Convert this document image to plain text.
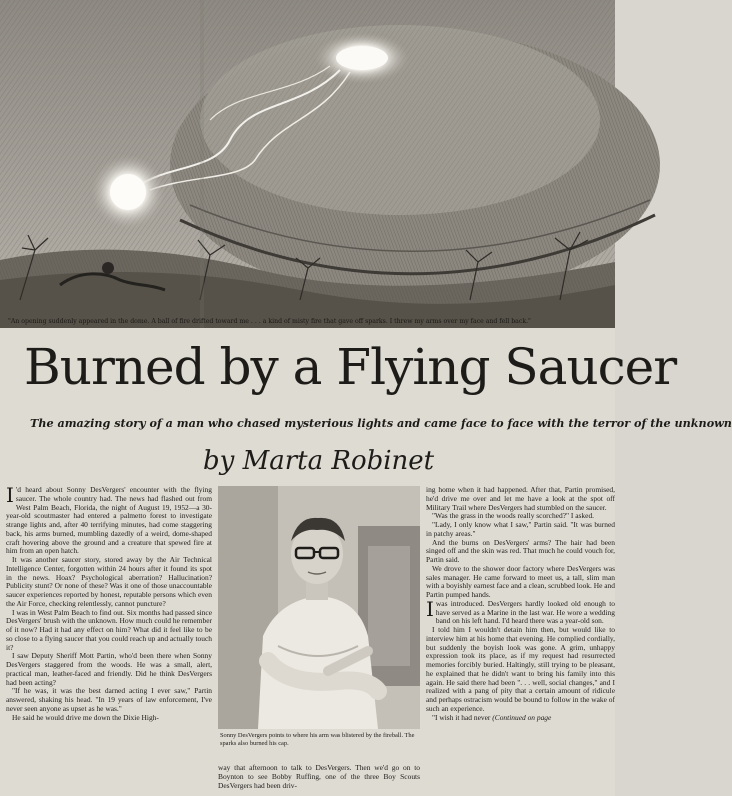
"An opening suddenly appeared in the dome. A ball of fire drifted toward me . . . a kind of misty fire that gave off sparks. I threw my arms over my face and fell back."
Burned by a Flying Saucer
The amazing story of a man who chased mysterious lights and came face to face with the terror of the unknown
by Marta Robinet

I 'd heard about Sonny DesVergers' encounter with the flying saucer. The whole country had. The news had flashed out from West Palm Beach, Florida, the night of August 19, 1952—a 30-year-old scoutmaster had entered a palmetto forest to investigate strange lights and, after 40 terrifying minutes, had come staggering back, his arms burned, mumbling dazedly of a weird, dome-shaped craft hovering above the ground and a creature that spewed fire at him from an open hatch.

It was another saucer story, stored away by the Air Technical Intelligence Center, forgotten within 24 hours after it found its spot in the news. Hoax? Psychological aberration? Hallucination? Publicity stunt? Or none of these? Was it one of those unaccountable saucer experiences reported by honest, reputable persons which even the Air Force, checking relentlessly, cannot puncture?

I was in West Palm Beach to find out. Six months had passed since DesVergers' brush with the unknown. How much could he remember of it now? Had it had any effect on him? What did it feel like to be so close to a flying saucer that you could reach up and actually touch it?

I saw Deputy Sheriff Mott Partin, who'd been there when Sonny DesVergers staggered from the woods. He was a small, alert, practical man, leather-faced and friendly. Did he think DesVergers had been acting?

"If he was, it was the best darned acting I ever saw," Partin answered, shaking his head. "In 19 years of law enforcement, I've never seen anyone as upset as he was."

He said he would drive me down the Dixie High-

Sonny DesVergers points to where his arm was blistered by the fireball. The sparks also burned his cap.

way that afternoon to talk to DesVergers. Then we'd go on to Boynton to see Bobby Ruffing, one of the three Boy Scouts DesVergers had been driv-

ing home when it had happened. After that, Partin promised, he'd drive me over and let me have a look at the spot off Military Trail where DesVergers had stumbled on the saucer.

"Was the grass in the woods really scorched?" I asked.

"Lady, I only know what I saw," Partin said. "It was burned in patchy areas."

And the burns on DesVergers' arms? The hair had been singed off and the skin was red. That much he could vouch for, Partin said.

We drove to the shower door factory where DesVergers was sales manager. He came forward to meet us, a tall, slim man with a boyishly earnest face and a clean, scrubbed look. He and Partin pumped hands.

I was introduced. DesVergers hardly looked old enough to have served as a Marine in the last war. He wore a wedding band on his left hand. I'd heard there was a year-old son.

I told him I wouldn't detain him then, but would like to interview him at his home that evening. He complied cordially, but suddenly the boyish look was gone. A grim, unhappy expression took its place, as if my request had resurrected memories forcibly buried. Haltingly, still trying to be pleasant, he explained that he didn't want to bring his family into this again. He said there had been ". . . well, social changes," and I realized with a pang of pity that a certain amount of ridicule and perhaps ostracism would be bound to follow in the wake of such an experience.

"I wish it had never (Continued on page
